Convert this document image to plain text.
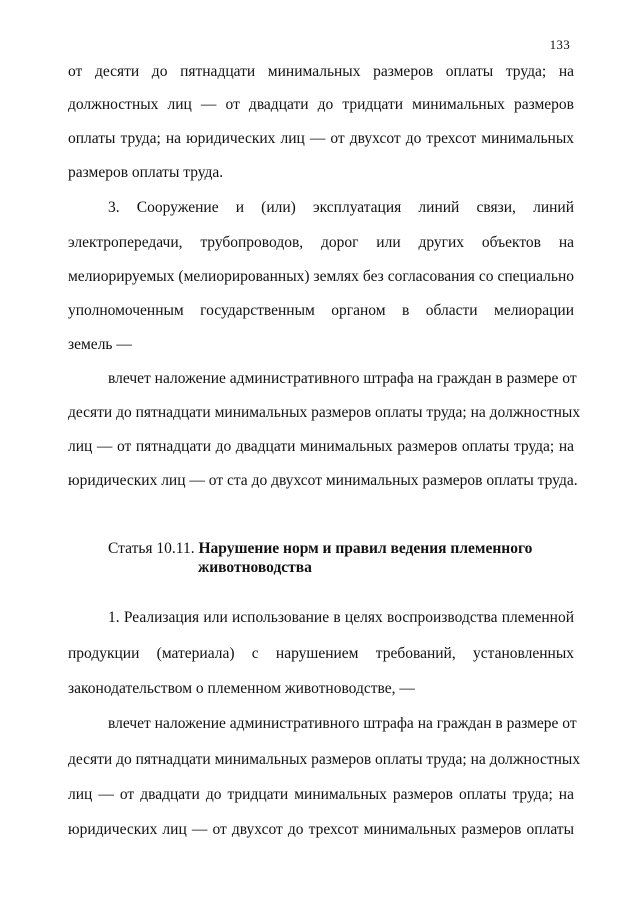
133
от десяти до пятнадцати минимальных размеров оплаты труда; на
должностных лиц — от двадцати до тридцати минимальных размеров
оплаты труда; на юридических лиц — от двухсот до трехсот минимальных
размеров оплаты труда.
3. Сооружение и (или) эксплуатация линий связи, линий
электропередачи, трубопроводов, дорог или других объектов на
мелиорируемых (мелиорированных) землях без согласования со специально
уполномоченным государственным органом в области мелиорации
земель —
влечет наложение административного штрафа на граждан в размере от
десяти до пятнадцати минимальных размеров оплаты труда; на должностных
лиц — от пятнадцати до двадцати минимальных размеров оплаты труда; на
юридических лиц — от ста до двухсот минимальных размеров оплаты труда.
Статья 10.11. Нарушение норм и правил ведения племенного
животноводства
1. Реализация или использование в целях воспроизводства племенной
продукции (материала) с нарушением требований, установленных
законодательством о племенном животноводстве, —
влечет наложение административного штрафа на граждан в размере от
десяти до пятнадцати минимальных размеров оплаты труда; на должностных
лиц — от двадцати до тридцати минимальных размеров оплаты труда; на
юридических лиц — от двухсот до трехсот минимальных размеров оплаты
